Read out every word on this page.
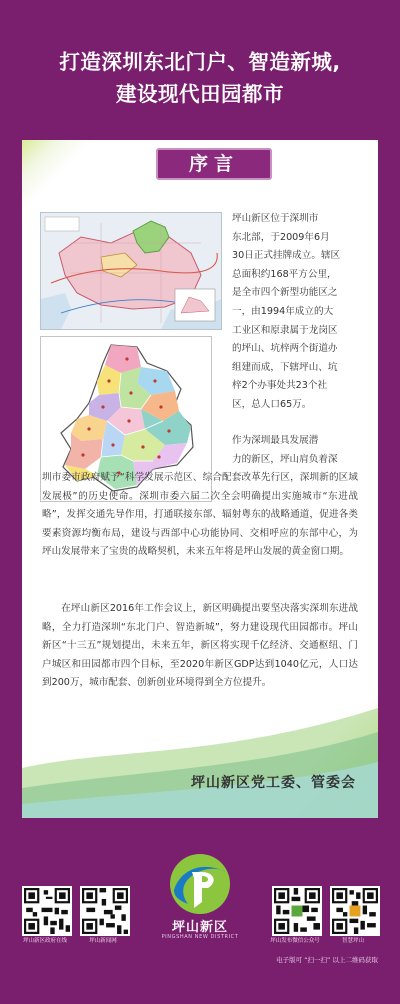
打造深圳东北门户、智造新城,
建设现代田园都市
序言

坪山新区位于深圳市
东北部，于2009年6月
30日正式挂牌成立。辖区
总面积约168平方公里，
是全市四个新型功能区之
一，由1994年成立的大
工业区和原隶属于龙岗区
的坪山、坑梓两个街道办
组建而成，下辖坪山、坑
梓2个办事处共23个社
区，总人口65万。

作为深圳最具发展潜
力的新区，坪山肩负着深

圳市委市政府赋予“科学发展示范区、综合配套改革先行区，深圳新的区域发展极”的历史使命。深圳市委六届二次全会明确提出实施城市“东进战略”，发挥交通先导作用，打通联接东部、辐射粤东的战略通道，促进各类要素资源均衡布局，建设与西部中心功能协同、交相呼应的东部中心，为坪山发展带来了宝贵的战略契机，未来五年将是坪山发展的黄金窗口期。

在坪山新区2016年工作会议上，新区明确提出要坚决落实深圳东进战略，全力打造深圳“东北门户、智造新城”，努力建设现代田园都市。坪山新区“十三五”规划提出，未来五年，新区将实现千亿经济、交通枢纽、门户城区和田园都市四个目标，至2020年新区GDP达到1040亿元，人口达到200万，城市配套、创新创业环境得到全方位提升。

坪山新区党工委、管委会
坪山新区政府在线	坪山新闻网	坪山发布微信公众号	智慧坪山
坪山新区
PINGSHAN NEW DISTRICT
电子版可 “扫一扫” 以上二维码获取
